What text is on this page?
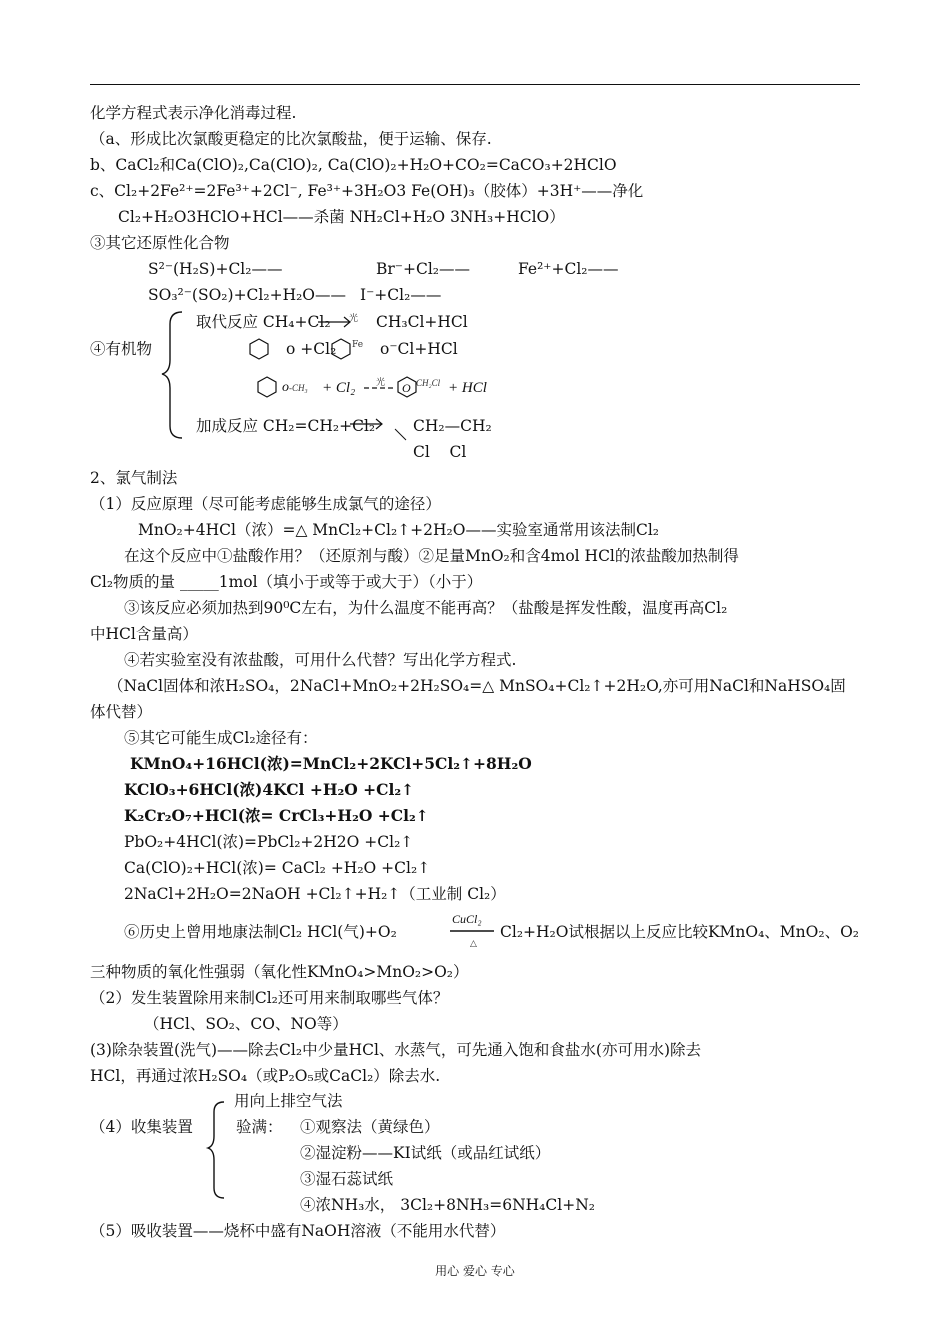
化学方程式表示净化消毒过程.
（a、形成比次氯酸更稳定的比次氯酸盐，便于运输、保存.
b、CaCl₂和Ca(ClO)₂,Ca(ClO)₂, Ca(ClO)₂+H₂O+CO₂=CaCO₃+2HClO
c、Cl₂+2Fe²⁺=2Fe³⁺+2Cl⁻, Fe³⁺+3H₂O3 Fe(OH)₃（胶体）+3H⁺——净化
Cl₂+H₂O3HClO+HCl——杀菌 NH₂Cl+H₂O 3NH₃+HClO）
③其它还原性化合物
S²⁻(H₂S)+Cl₂——	Br⁻+Cl₂——	Fe²⁺+Cl₂——
SO₃²⁻(SO₂)+Cl₂+H₂O—— I⁻+Cl₂——
④有机物
取代反应 CH₄+Cl₂ 光 CH₃Cl+HCl
o +Cl₂ Fe o⁻Cl+HCl
o-CH₃ + Cl₂ 光 O CH₂Cl + HCl
加成反应 CH₂=CH₂+Cl₂ CH₂—CH₂
Cl    Cl
2、氯气制法
（1）反应原理（尽可能考虑能够生成氯气的途径）
MnO₂+4HCl（浓）=△ MnCl₂+Cl₂↑+2H₂O——实验室通常用该法制Cl₂
在这个反应中①盐酸作用？（还原剂与酸）②足量MnO₂和含4mol HCl的浓盐酸加热制得
Cl₂物质的量 _____1mol（填小于或等于或大于）（小于）
③该反应必须加热到90⁰C左右，为什么温度不能再高？（盐酸是挥发性酸，温度再高Cl₂
中HCl含量高）
④若实验室没有浓盐酸，可用什么代替？写出化学方程式.
（NaCl固体和浓H₂SO₄，2NaCl+MnO₂+2H₂SO₄=△ MnSO₄+Cl₂↑+2H₂O,亦可用NaCl和NaHSO₄固
体代替）
⑤其它可能生成Cl₂途径有：
KMnO₄+16HCl(浓)=MnCl₂+2KCl+5Cl₂↑+8H₂O
KClO₃+6HCl(浓)4KCl +H₂O +Cl₂↑
K₂Cr₂O₇+HCl(浓= CrCl₃+H₂O +Cl₂↑
PbO₂+4HCl(浓)=PbCl₂+2H2O +Cl₂↑
Ca(ClO)₂+HCl(浓)= CaCl₂ +H₂O +Cl₂↑
2NaCl+2H₂O=2NaOH +Cl₂↑+H₂↑（工业制 Cl₂）
⑥历史上曾用地康法制Cl₂ HCl(气)+O₂
CuCl₂
△
Cl₂+H₂O试根据以上反应比较KMnO₄、MnO₂、O₂
三种物质的氧化性强弱（氧化性KMnO₄>MnO₂>O₂）
（2）发生装置除用来制Cl₂还可用来制取哪些气体？
（HCl、SO₂、CO、NO等）
(3)除杂装置(洗气)——除去Cl₂中少量HCl、水蒸气，可先通入饱和食盐水(亦可用水)除去
HCl，再通过浓H₂SO₄（或P₂O₅或CaCl₂）除去水.
用向上排空气法
（4）收集装置	验满： ①观察法（黄绿色）
②湿淀粉——KI试纸（或品红试纸）
③湿石蕊试纸
④浓NH₃水， 3Cl₂+8NH₃=6NH₄Cl+N₂
（5）吸收装置——烧杯中盛有NaOH溶液（不能用水代替）
用心 爱心 专心
